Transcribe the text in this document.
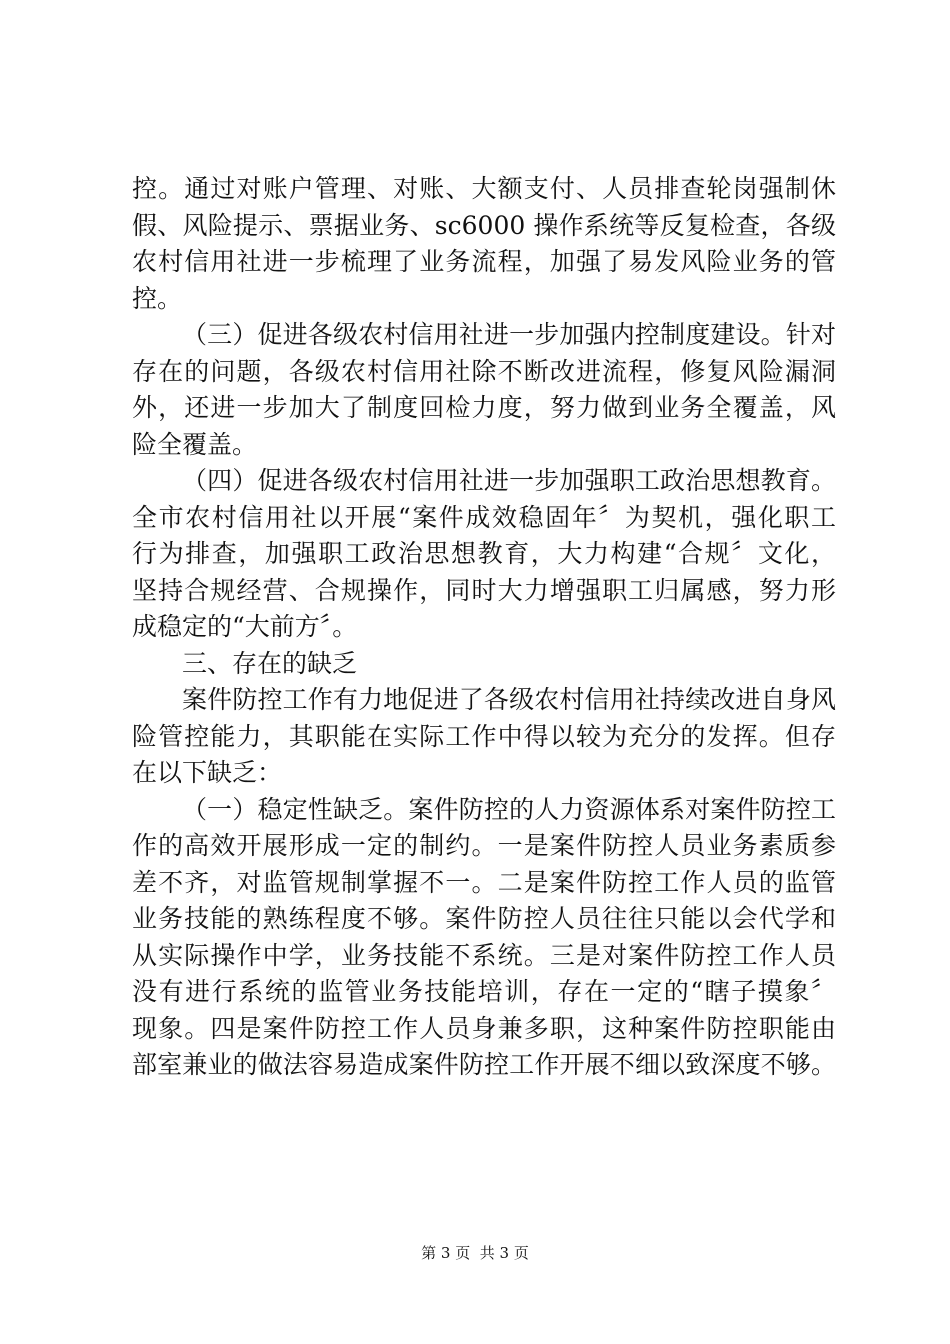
控。通过对账户管理、对账、大额支付、人员排查轮岗强制休
假、风险提示、票据业务、sc6000 操作系统等反复检查，各级
农村信用社进一步梳理了业务流程，加强了易发风险业务的管
控。
（三）促进各级农村信用社进一步加强内控制度建设。针对
存在的问题，各级农村信用社除不断改进流程，修复风险漏洞
外，还进一步加大了制度回检力度，努力做到业务全覆盖，风
险全覆盖。
（四）促进各级农村信用社进一步加强职工政治思想教育。
全市农村信用社以开展“案件成效稳固年〞为契机，强化职工
行为排查，加强职工政治思想教育，大力构建“合规〞文化，
坚持合规经营、合规操作，同时大力增强职工归属感，努力形
成稳定的“大前方〞。
三、存在的缺乏
案件防控工作有力地促进了各级农村信用社持续改进自身风
险管控能力，其职能在实际工作中得以较为充分的发挥。但存
在以下缺乏：
（一）稳定性缺乏。案件防控的人力资源体系对案件防控工
作的高效开展形成一定的制约。一是案件防控人员业务素质参
差不齐，对监管规制掌握不一。二是案件防控工作人员的监管
业务技能的熟练程度不够。案件防控人员往往只能以会代学和
从实际操作中学，业务技能不系统。三是对案件防控工作人员
没有进行系统的监管业务技能培训，存在一定的“瞎子摸象〞
现象。四是案件防控工作人员身兼多职，这种案件防控职能由
部室兼业的做法容易造成案件防控工作开展不细以致深度不够。
第 3 页  共 3 页
